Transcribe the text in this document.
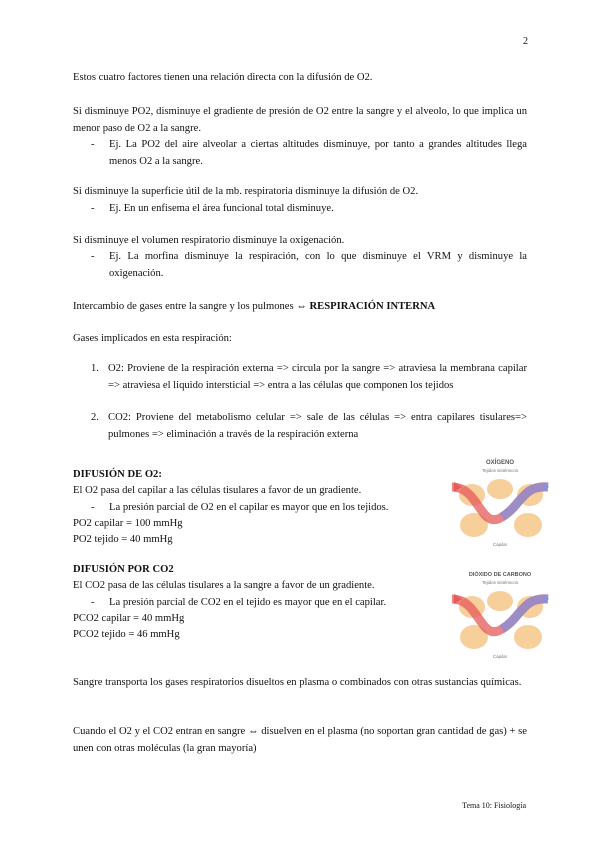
2

Estos cuatro factores tienen una relación directa con la difusión de O2.

Si disminuye PO2, disminuye el gradiente de presión de O2 entre la sangre y el alveolo, lo que implica un menor paso de O2 a la sangre.

- Ej. La PO2 del aire alveolar a ciertas altitudes disminuye, por tanto a grandes altitudes llega menos O2 a la sangre.

Si disminuye la superficie útil de la mb. respiratoria disminuye la difusión de O2.

- Ej. En un enfisema el área funcional total disminuye.

Si disminuye el volumen respiratorio disminuye la oxigenación.

- Ej. La morfina disminuye la respiración, con lo que disminuye el VRM y disminuye la oxigenación.

Intercambio de gases entre la sangre y los pulmones ⇔ RESPIRACIÓN INTERNA

Gases implicados en esta respiración:

1. O2: Proviene de la respiración externa => circula por la sangre => atraviesa la membrana capilar => atraviesa el liquido intersticial => entra a las células que componen los tejidos
2. CO2: Proviene del metabolismo celular => sale de las células => entra capilares tisulares=> pulmones => eliminación a través de la respiración externa

DIFUSIÓN DE O2:

El O2 pasa del capilar a las células tisulares a favor de un gradiente.

- La presión parcial de O2 en el capilar es mayor que en los tejidos.

PO2 capilar = 100 mmHg

PO2 tejido = 40 mmHg

DIFUSIÓN POR CO2

El CO2 pasa de las células tisulares a la sangre a favor de un gradiente.

- La presión parcial de CO2 en el tejido es mayor que en el capilar.

PCO2 capilar = 40 mmHg

PCO2 tejido = 46 mmHg

OXÍGENO
Tejidos sistémicos
Capilar
DIÓXIDO DE CARBONO
Tejidos sistémicos
Capilar

Sangre transporta los gases respiratorios disueltos en plasma o combinados con otras sustancias químicas.

Cuando el O2 y el CO2 entran en sangre ⇔ disuelven en el plasma (no soportan gran cantidad de gas) + se unen con otras moléculas (la gran mayoría)

Tema 10: Fisiología
